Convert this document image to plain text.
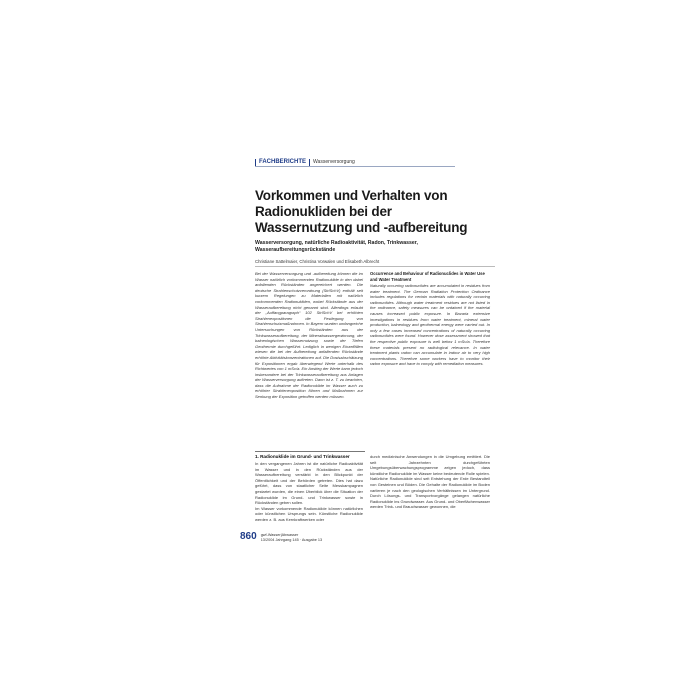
FACHBERICHTE Wasserversorgung
Vorkommen und Verhalten von Radionukliden bei der Wassernutzung und -aufbereitung
Wasserversorgung, natürliche Radioaktivität, Radon, Trinkwasser, Wasseraufbereitungsrückstände
Christiane Sattelmaier, Christina Vorwalen und Elisabeth Albrecht
Bei der Wasserversorgung und -aufbereitung können die im Wasser natürlich vorkommenden Radionuklide in den dabei anfallenden Rückständen angereichert werden. Die deutsche Strahlenschutzverordnung (StrlSchV) enthält seit kurzem Regelungen zu Materialien mit natürlich vorkommenden Radionukliden, wobei Rückstände aus der Wasseraufbereitung nicht genannt sind. Allerdings erlaubt der „Auffangparagraph“ 102 StrlSchV bei erhöhten Strahlenexpositionen die Festlegung von Strahlenschutzmaßnahmen. In Bayern wurden umfangreiche Untersuchungen von Rückständen aus der Trinkwasseraufbereitung, der Mineralwassergewinnung, der balneologischen Wassernutzung sowie der Tiefen Geothermie durchgeführt. Lediglich in wenigen Einzelfällen wiesen die bei der Aufbereitung anfallenden Rückstände erhöhte Aktivitätskonzentrationen auf. Die Dosisabschätzung für Expositionen ergab überwiegend Werte unterhalb des Richtwertes von 1 mSv/a. Ein Anstieg der Werte kann jedoch insbesondere bei der Trinkwasseraufbereitung aus Anlagen der Wasserversorgung auftreten. Dann ist z. T. zu beachten, dass die Aufnahme der Radionuklide im Wasser auch zu erhöhter Strahlenexposition führen und Maßnahmen zur Senkung der Exposition getroffen werden müssen.
Occurrence and Behaviour of Radionuclides in Water Use and Water Treatment
Naturally occurring radionuclides are accumulated in residues from water treatment. The German Radiation Protection Ordinance includes regulations for certain materials with naturally occurring radionuclides. Although water treatment residues are not listed in the ordinance, safety measures can be ordained if the material causes increased public exposure. In Bavaria extensive investigations in residues from water treatment, mineral water production, balneology and geothermal energy were carried out. In only a few cases increased concentrations of naturally occurring radionuclides were found. However dose assessment showed that the respective public exposure is well below 1 mSv/a. Therefore these materials present no radiological relevance. In water treatment plants radon can accumulate in indoor air to very high concentrations. Therefore some workers have to monitor their radon exposure and have to comply with remediation measures.
1. Radionuklide im Grund- und Trinkwasser
In den vergangenen Jahren ist die natürliche Radioaktivität im Wasser und in den Rückständen aus der Wasseraufbereitung verstärkt in den Blickpunkt der Öffentlichkeit und der Behörden getreten. Dies hat dazu geführt, dass von staatlicher Seite Messkampagnen gestartet wurden, die einen Überblick über die Situation der Radionuklide im Grund- und Trinkwasser sowie in Rückständen geben sollen.
Im Wasser vorkommende Radionuklide können natürlichen oder künstlichen Ursprungs sein. Künstliche Radionuklide werden z. B. aus Kernkraftwerken oder
durch medizinische Anwendungen in die Umgebung emittiert. Die seit Jahrzehnten durchgeführten Umgebungsüberwachungsprogramme zeigen jedoch, dass künstliche Radionuklide im Wasser keine bedeutende Rolle spielen.
Natürliche Radionuklide sind seit Entstehung der Erde Bestandteil von Gesteinen und Böden. Die Gehalte der Radionuklide im Boden variieren je nach den geologischen Verhältnissen im Untergrund. Durch Lösungs- und Transportvorgänge gelangen natürliche Radionuklide ins Grundwasser. Aus Grund- und Oberflächenwasser werden Trink- und Brauchwasser gewonnen, die
860 gwf-Wasser|Abwasser
13/2004 Jahrgang 145 · Ausgabe 13
